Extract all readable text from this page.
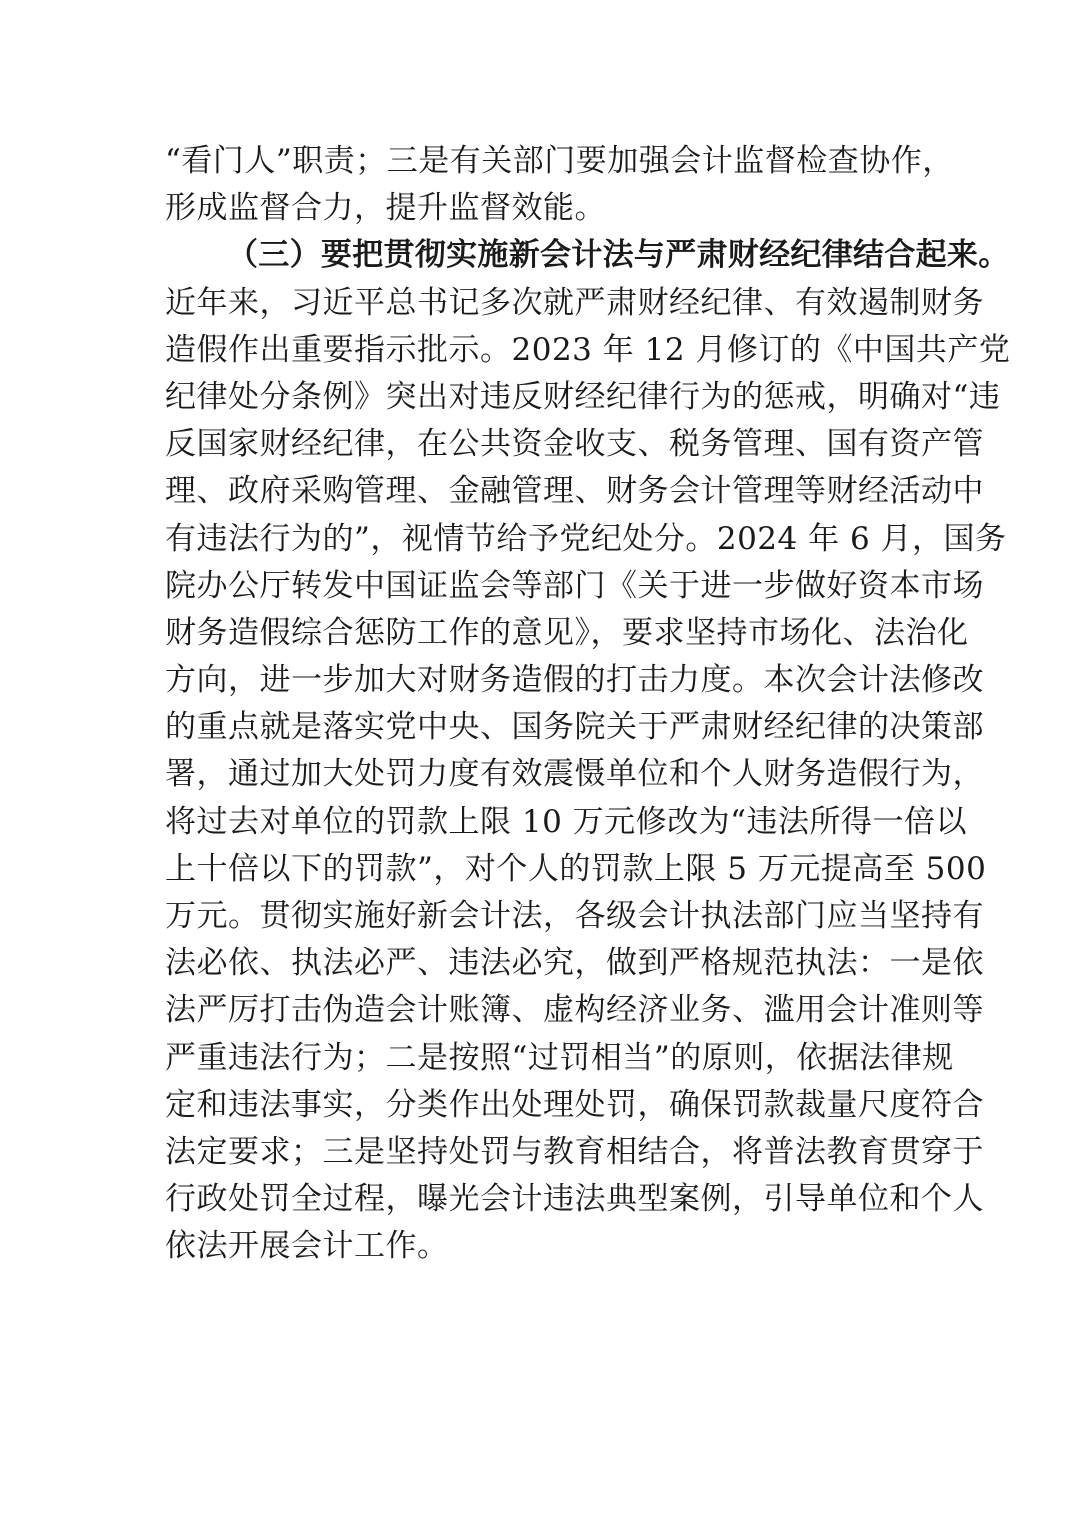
“看门人”职责；三是有关部门要加强会计监督检查协作，
形成监督合力，提升监督效能。
（三）要把贯彻实施新会计法与严肃财经纪律结合起来。
近年来，习近平总书记多次就严肃财经纪律、有效遏制财务
造假作出重要指示批示。2023 年 12 月修订的《中国共产党
纪律处分条例》突出对违反财经纪律行为的惩戒，明确对“违
反国家财经纪律，在公共资金收支、税务管理、国有资产管
理、政府采购管理、金融管理、财务会计管理等财经活动中
有违法行为的”，视情节给予党纪处分。2024 年 6 月，国务
院办公厅转发中国证监会等部门《关于进一步做好资本市场
财务造假综合惩防工作的意见》，要求坚持市场化、法治化
方向，进一步加大对财务造假的打击力度。本次会计法修改
的重点就是落实党中央、国务院关于严肃财经纪律的决策部
署，通过加大处罚力度有效震慑单位和个人财务造假行为，
将过去对单位的罚款上限 10 万元修改为“违法所得一倍以
上十倍以下的罚款”，对个人的罚款上限 5 万元提高至 500
万元。贯彻实施好新会计法，各级会计执法部门应当坚持有
法必依、执法必严、违法必究，做到严格规范执法：一是依
法严厉打击伪造会计账簿、虚构经济业务、滥用会计准则等
严重违法行为；二是按照“过罚相当”的原则，依据法律规
定和违法事实，分类作出处理处罚，确保罚款裁量尺度符合
法定要求；三是坚持处罚与教育相结合，将普法教育贯穿于
行政处罚全过程，曝光会计违法典型案例，引导单位和个人
依法开展会计工作。
